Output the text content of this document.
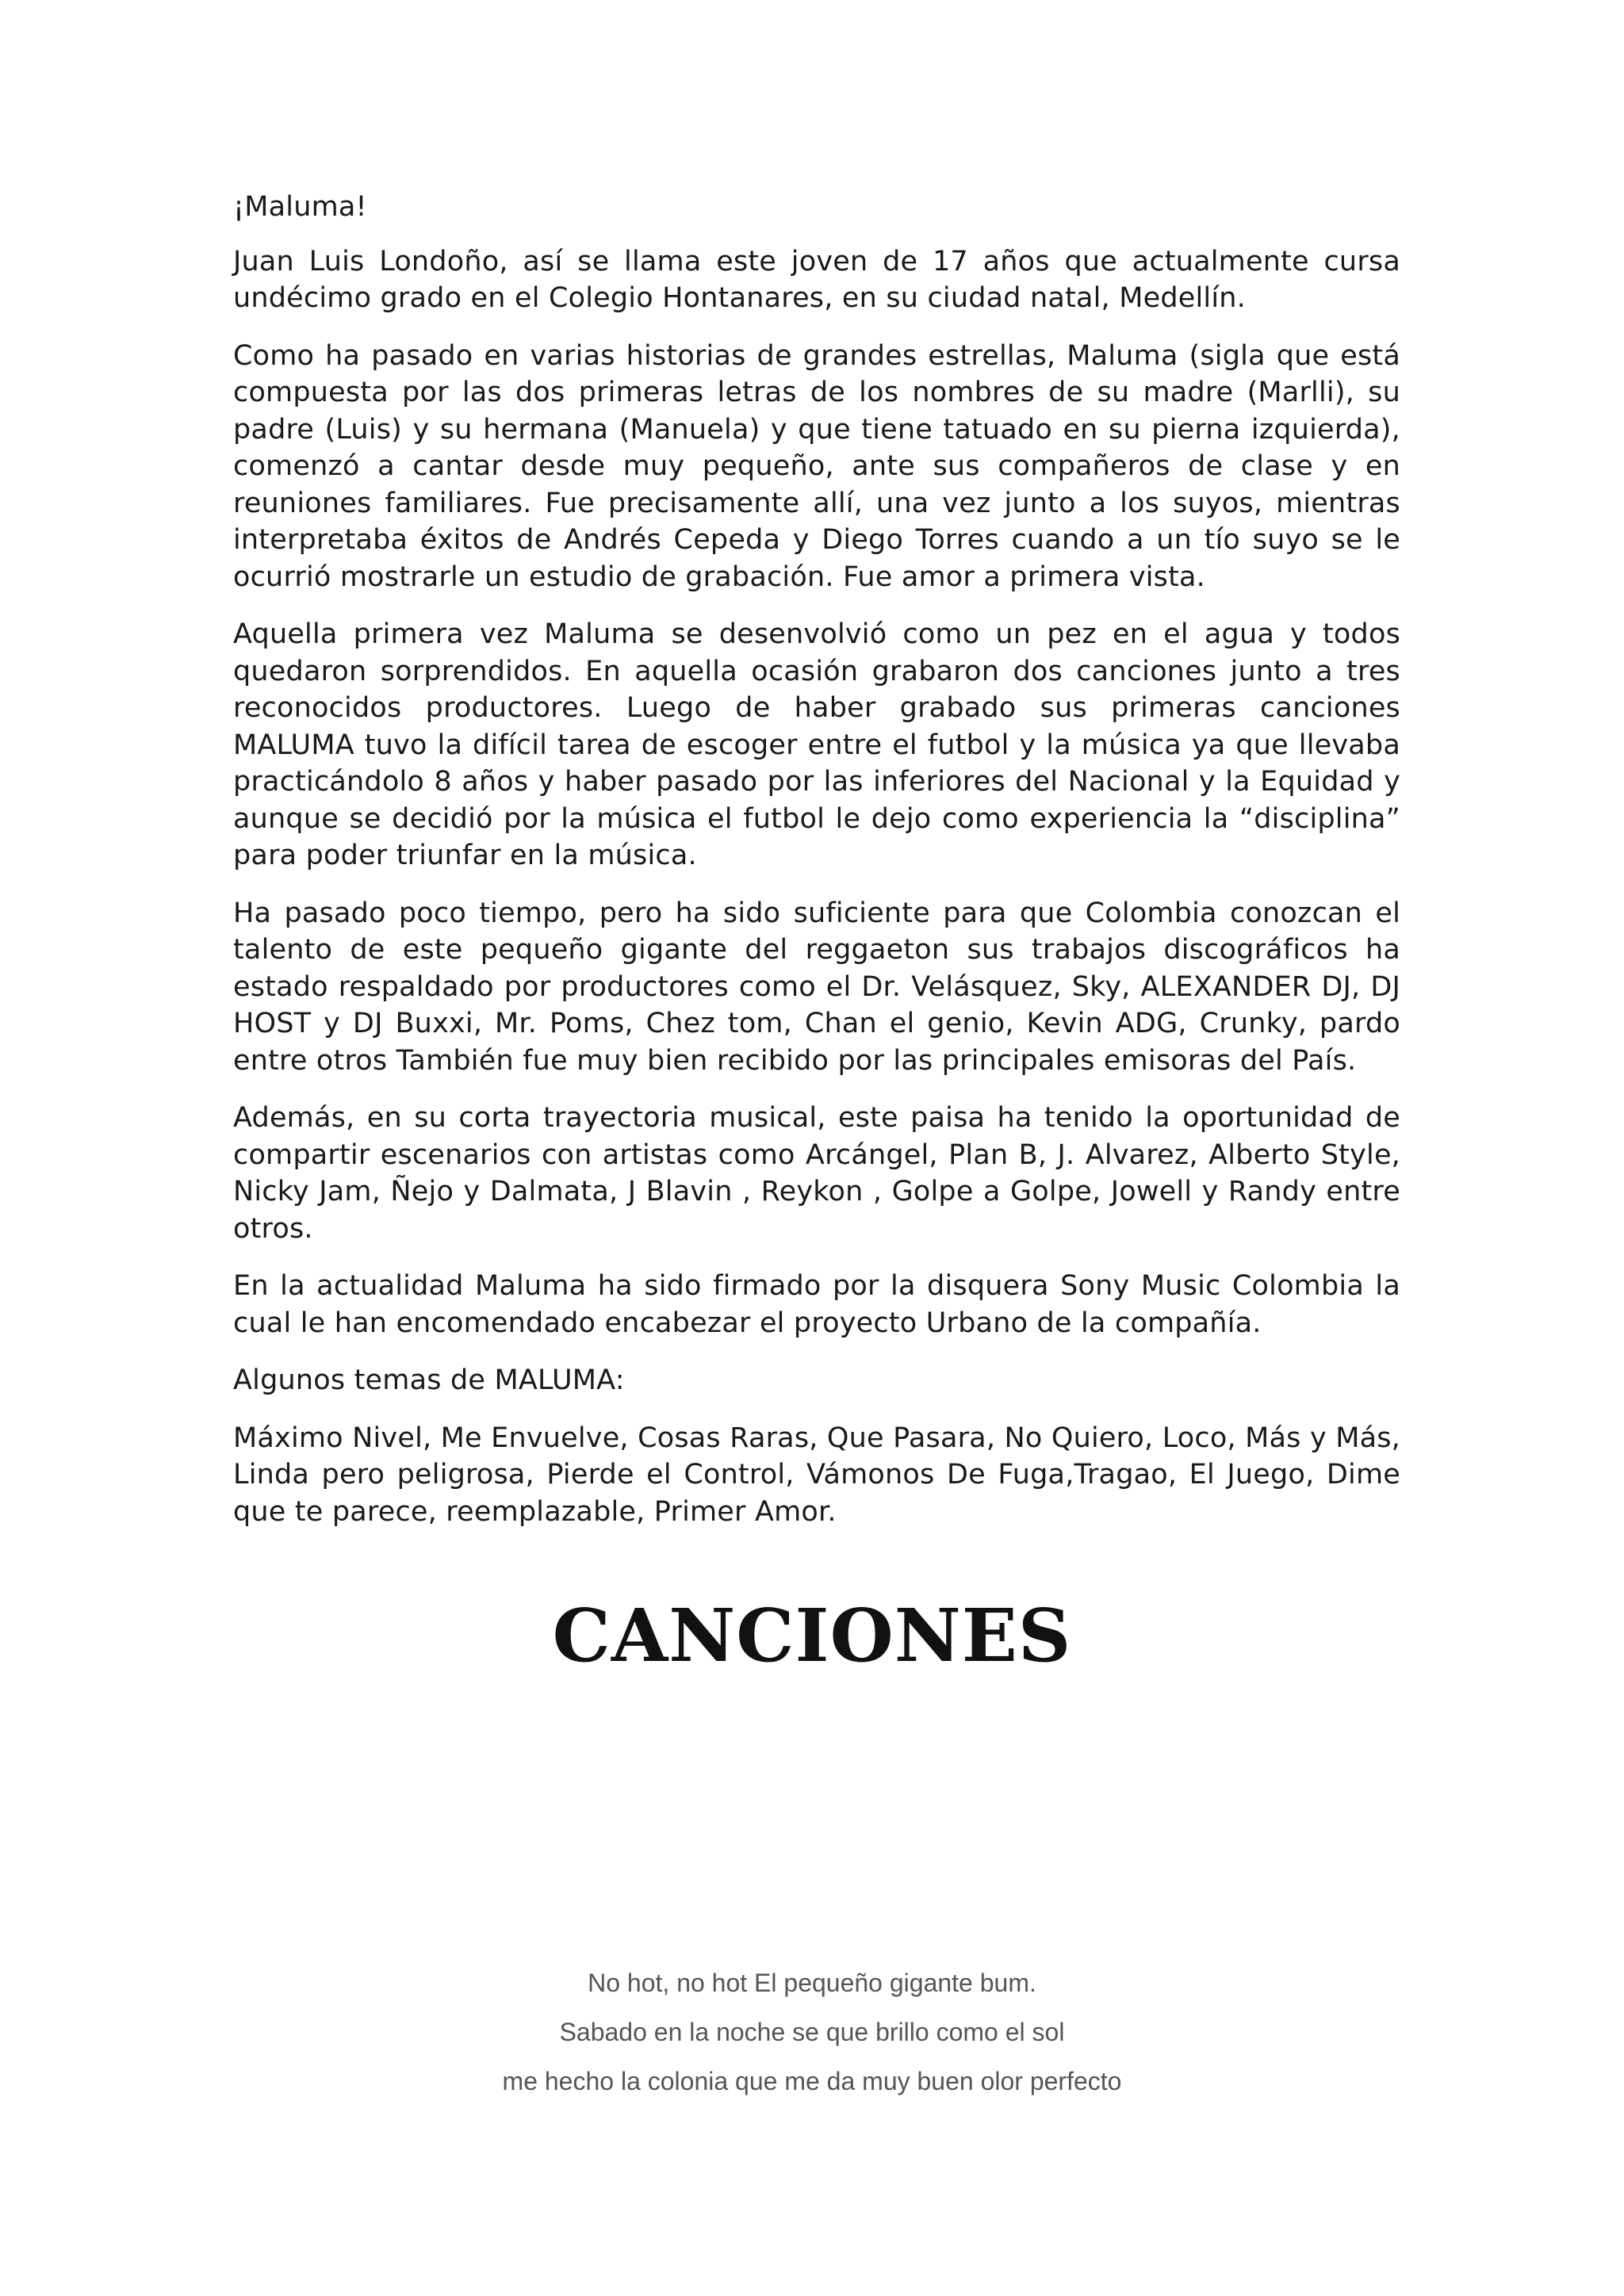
¡Maluma!

Juan Luis Londoño, así se llama este joven de 17 años que actualmente cursa undécimo grado en el Colegio Hontanares, en su ciudad natal, Medellín.

Como ha pasado en varias historias de grandes estrellas, Maluma (sigla que está compuesta por las dos primeras letras de los nombres de su madre (Marlli), su padre (Luis) y su hermana (Manuela) y que tiene tatuado en su pierna izquierda), comenzó a cantar desde muy pequeño, ante sus compañeros de clase y en reuniones familiares. Fue precisamente allí, una vez junto a los suyos, mientras interpretaba éxitos de Andrés Cepeda y Diego Torres cuando a un tío suyo se le ocurrió mostrarle un estudio de grabación. Fue amor a primera vista.

Aquella primera vez Maluma se desenvolvió como un pez en el agua y todos quedaron sorprendidos. En aquella ocasión grabaron dos canciones junto a tres reconocidos productores. Luego de haber grabado sus primeras canciones MALUMA tuvo la difícil tarea de escoger entre el futbol y la música ya que llevaba practicándolo 8 años y haber pasado por las inferiores del Nacional y la Equidad y aunque se decidió por la música el futbol le dejo como experiencia la “disciplina” para poder triunfar en la música.

Ha pasado poco tiempo, pero ha sido suficiente para que Colombia conozcan el talento de este pequeño gigante del reggaeton sus trabajos discográficos ha estado respaldado por productores como el Dr. Velásquez, Sky, ALEXANDER DJ, DJ HOST y DJ Buxxi, Mr. Poms, Chez tom, Chan el genio, Kevin ADG, Crunky, pardo entre otros También fue muy bien recibido por las principales emisoras del País.

Además, en su corta trayectoria musical, este paisa ha tenido la oportunidad de compartir escenarios con artistas como Arcángel, Plan B, J. Alvarez, Alberto Style, Nicky Jam, Ñejo y Dalmata, J Blavin , Reykon , Golpe a Golpe, Jowell y Randy entre otros.

En la actualidad Maluma ha sido firmado por la disquera Sony Music Colombia la cual le han encomendado encabezar el proyecto Urbano de la compañía.

Algunos temas de MALUMA:

Máximo Nivel, Me Envuelve, Cosas Raras, Que Pasara, No Quiero, Loco, Más y Más, Linda pero peligrosa, Pierde el Control, Vámonos De Fuga,Tragao, El Juego, Dime que te parece, reemplazable, Primer Amor.

CANCIONES
No hot, no hot El pequeño gigante bum.
Sabado en la noche se que brillo como el sol
me hecho la colonia que me da muy buen olor perfecto
